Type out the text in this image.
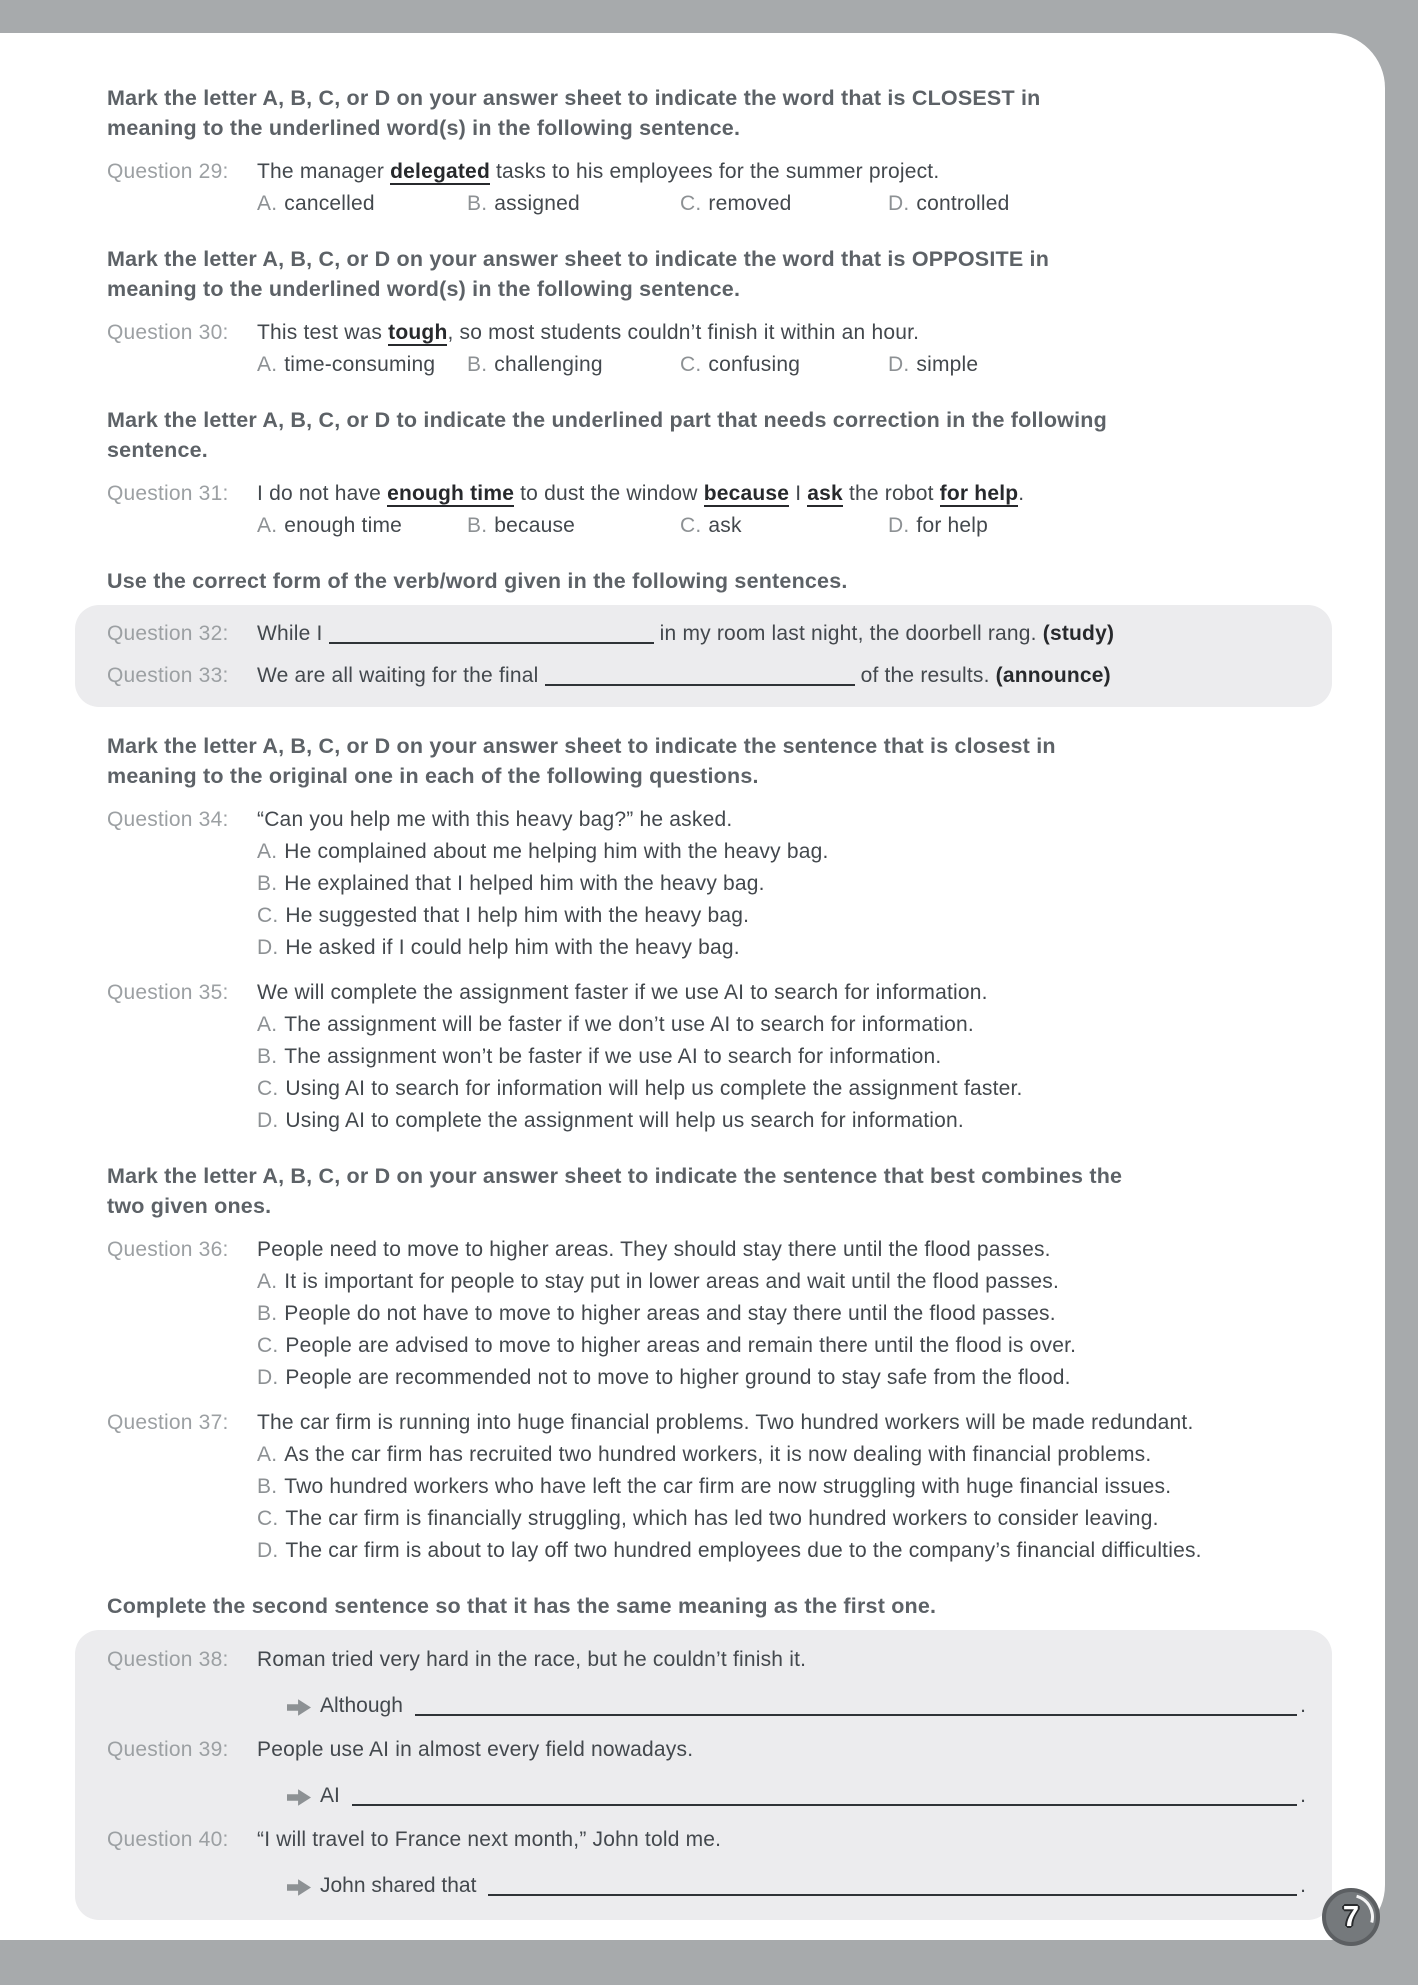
Mark the letter A, B, C, or D on your answer sheet to indicate the word that is CLOSEST in
meaning to the underlined word(s) in the following sentence.
Question 29:	The manager delegated tasks to his employees for the summer project.
A. cancelled	B. assigned	C. removed	D. controlled
Mark the letter A, B, C, or D on your answer sheet to indicate the word that is OPPOSITE in
meaning to the underlined word(s) in the following sentence.
Question 30:	This test was tough, so most students couldn’t finish it within an hour.
A. time-consuming	B. challenging	C. confusing	D. simple
Mark the letter A, B, C, or D to indicate the underlined part that needs correction in the following
sentence.
Question 31:	I do not have enough time to dust the window because I ask the robot for help.
A. enough time	B. because	C. ask	D. for help
Use the correct form of the verb/word given in the following sentences.
Question 32:	While I	in my room last night, the doorbell rang. (study)
Question 33:	We are all waiting for the final	of the results. (announce)
Mark the letter A, B, C, or D on your answer sheet to indicate the sentence that is closest in
meaning to the original one in each of the following questions.
Question 34:	“Can you help me with this heavy bag?” he asked.
A. He complained about me helping him with the heavy bag.
B. He explained that I helped him with the heavy bag.
C. He suggested that I help him with the heavy bag.
D. He asked if I could help him with the heavy bag.
Question 35:	We will complete the assignment faster if we use AI to search for information.
A. The assignment will be faster if we don’t use AI to search for information.
B. The assignment won’t be faster if we use AI to search for information.
C. Using AI to search for information will help us complete the assignment faster.
D. Using AI to complete the assignment will help us search for information.
Mark the letter A, B, C, or D on your answer sheet to indicate the sentence that best combines the
two given ones.
Question 36:	People need to move to higher areas. They should stay there until the flood passes.
A. It is important for people to stay put in lower areas and wait until the flood passes.
B. People do not have to move to higher areas and stay there until the flood passes.
C. People are advised to move to higher areas and remain there until the flood is over.
D. People are recommended not to move to higher ground to stay safe from the flood.
Question 37:	The car firm is running into huge financial problems. Two hundred workers will be made redundant.
A. As the car firm has recruited two hundred workers, it is now dealing with financial problems.
B. Two hundred workers who have left the car firm are now struggling with huge financial issues.
C. The car firm is financially struggling, which has led two hundred workers to consider leaving.
D. The car firm is about to lay off two hundred employees due to the company’s financial difficulties.
Complete the second sentence so that it has the same meaning as the first one.
Question 38:	Roman tried very hard in the race, but he couldn’t finish it.
Although	.
Question 39:	People use AI in almost every field nowadays.
AI	.
Question 40:	“I will travel to France next month,” John told me.
John shared that	.
7
